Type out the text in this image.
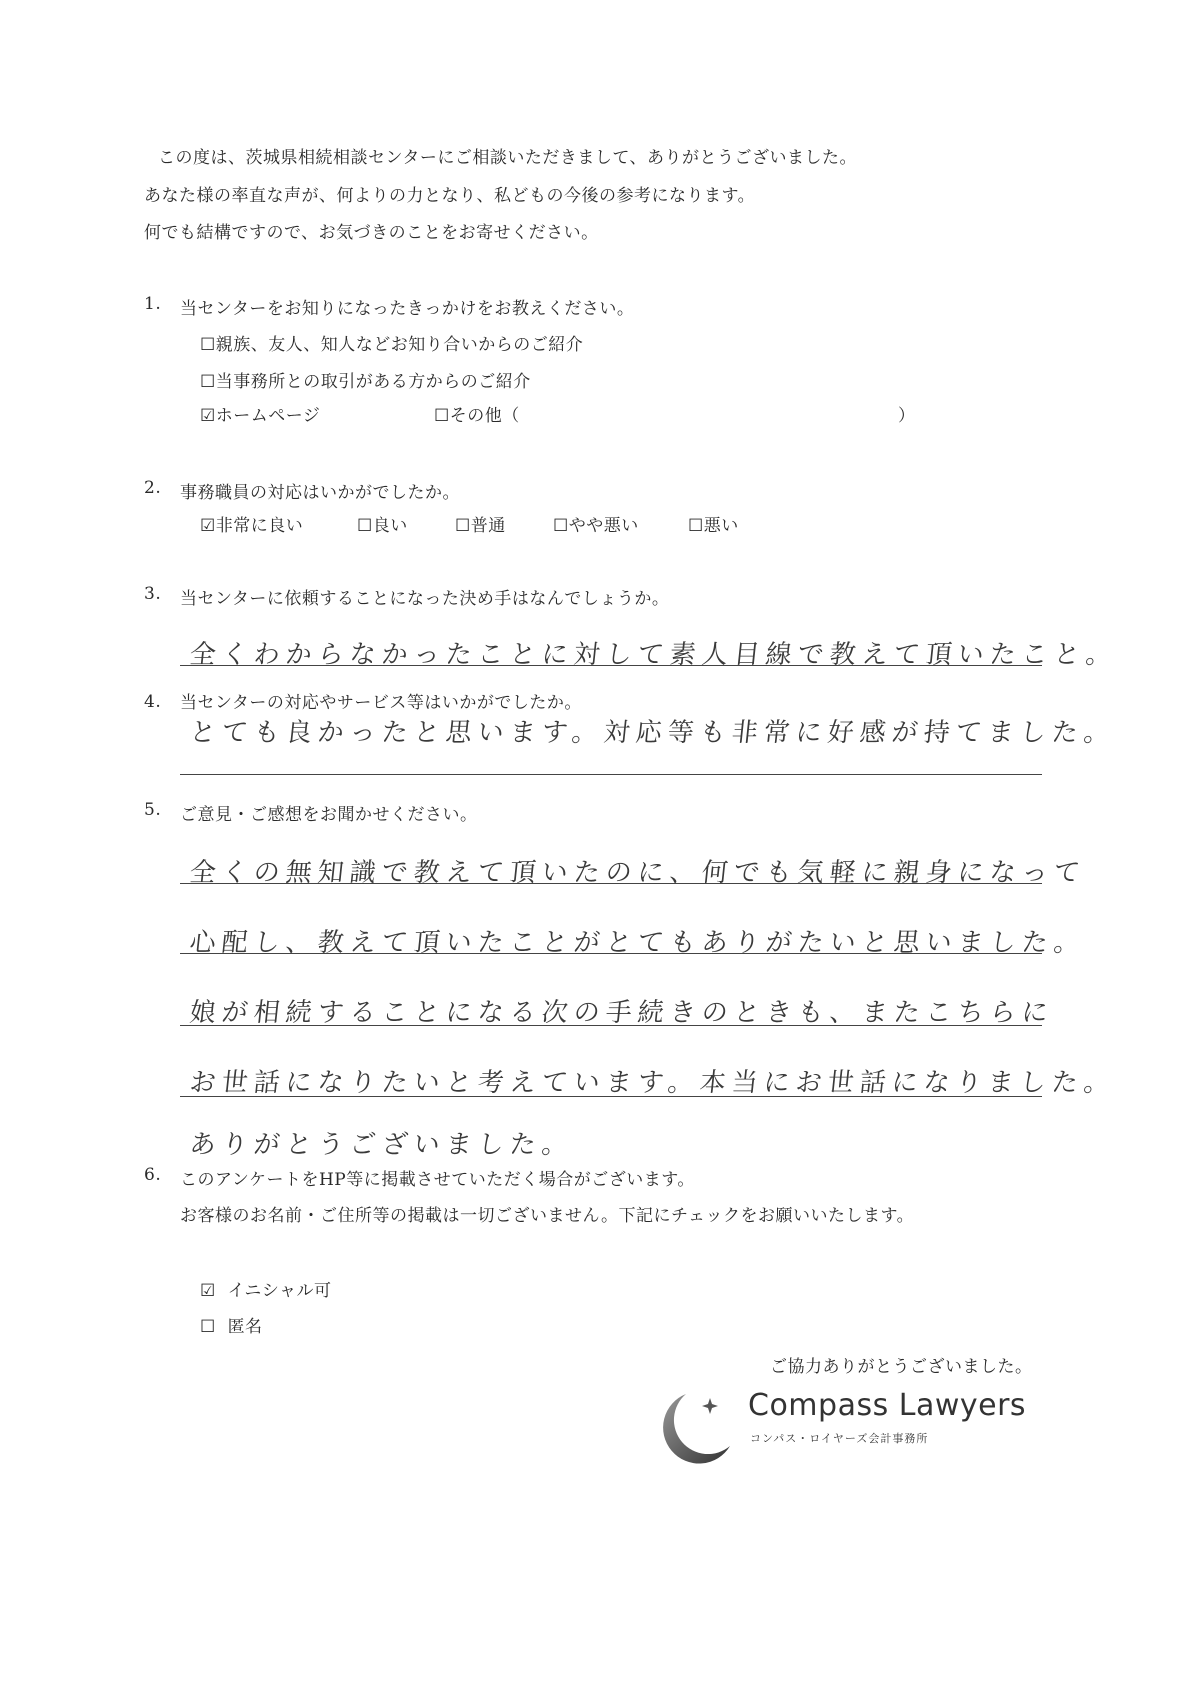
この度は、茨城県相続相談センターにご相談いただきまして、ありがとうございました。
あなた様の率直な声が、何よりの力となり、私どもの今後の参考になります。
何でも結構ですので、お気づきのことをお寄せください。
1. 当センターをお知りになったきっかけをお教えください。
☐親族、友人、知人などお知り合いからのご紹介
☐当事務所との取引がある方からのご紹介
☑ホームページ	☐その他（	）
2. 事務職員の対応はいかがでしたか。
☑非常に良い	☐良い	☐普通	☐やや悪い	☐悪い
3. 当センターに依頼することになった決め手はなんでしょうか。
全くわからなかったことに対して素人目線で教えて頂いたこと。
4. 当センターの対応やサービス等はいかがでしたか。
とても良かったと思います。対応等も非常に好感が持てました。
5. ご意見・ご感想をお聞かせください。
全くの無知識で教えて頂いたのに、何でも気軽に親身になって
心配し、教えて頂いたことがとてもありがたいと思いました。
娘が相続することになる次の手続きのときも、またこちらに
お世話になりたいと考えています。本当にお世話になりました。
ありがとうございました。
6. このアンケートをHP等に掲載させていただく場合がございます。
お客様のお名前・ご住所等の掲載は一切ございません。下記にチェックをお願いいたします。
☑ イニシャル可
☐ 匿名
ご協力ありがとうございました。
Compass Lawyers
コンパス・ロイヤーズ会計事務所
